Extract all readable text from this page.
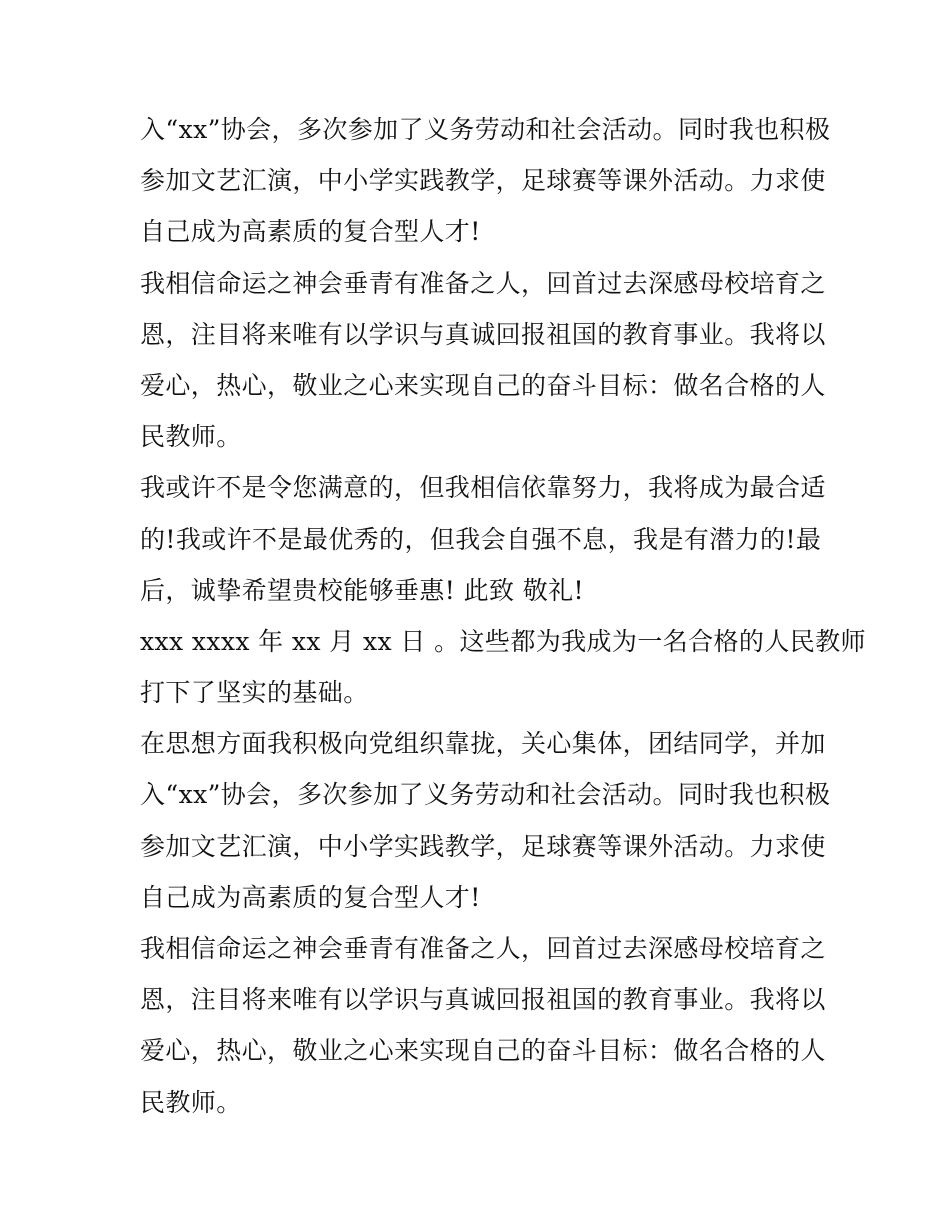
入“xx”协会，多次参加了义务劳动和社会活动。同时我也积极
参加文艺汇演，中小学实践教学，足球赛等课外活动。力求使
自己成为高素质的复合型人才!
我相信命运之神会垂青有准备之人，回首过去深感母校培育之
恩，注目将来唯有以学识与真诚回报祖国的教育事业。我将以
爱心，热心，敬业之心来实现自己的奋斗目标：做名合格的人
民教师。
我或许不是令您满意的，但我相信依靠努力，我将成为最合适
的!我或许不是最优秀的，但我会自强不息，我是有潜力的!最
后，诚挚希望贵校能够垂惠! 此致 敬礼!
xxx xxxx 年 xx 月 xx 日 。这些都为我成为一名合格的人民教师
打下了坚实的基础。
在思想方面我积极向党组织靠拢，关心集体，团结同学，并加
入“xx”协会，多次参加了义务劳动和社会活动。同时我也积极
参加文艺汇演，中小学实践教学，足球赛等课外活动。力求使
自己成为高素质的复合型人才!
我相信命运之神会垂青有准备之人，回首过去深感母校培育之
恩，注目将来唯有以学识与真诚回报祖国的教育事业。我将以
爱心，热心，敬业之心来实现自己的奋斗目标：做名合格的人
民教师。
